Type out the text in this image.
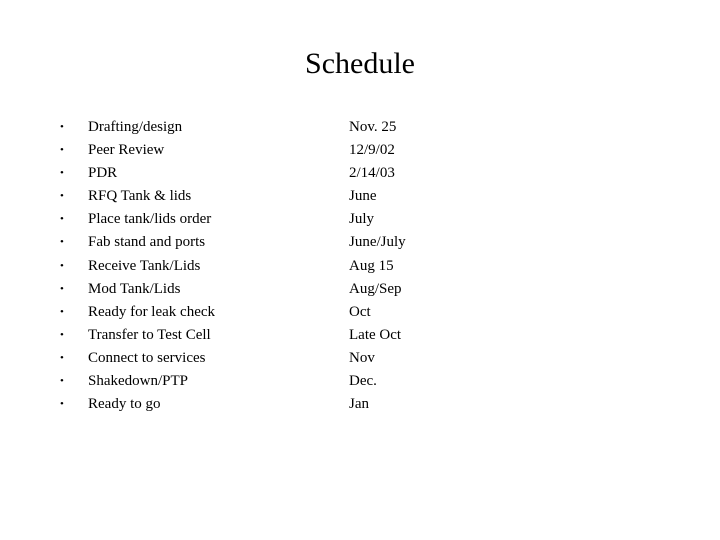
Schedule
• Drafting/design	Nov. 25
• Peer Review	12/9/02
• PDR	2/14/03
• RFQ Tank & lids	June
• Place tank/lids order	July
• Fab stand and ports	June/July
• Receive Tank/Lids	Aug 15
• Mod Tank/Lids	Aug/Sep
• Ready for leak check	Oct
• Transfer to Test Cell	Late Oct
• Connect to services	Nov
• Shakedown/PTP	Dec.
• Ready to go	Jan
